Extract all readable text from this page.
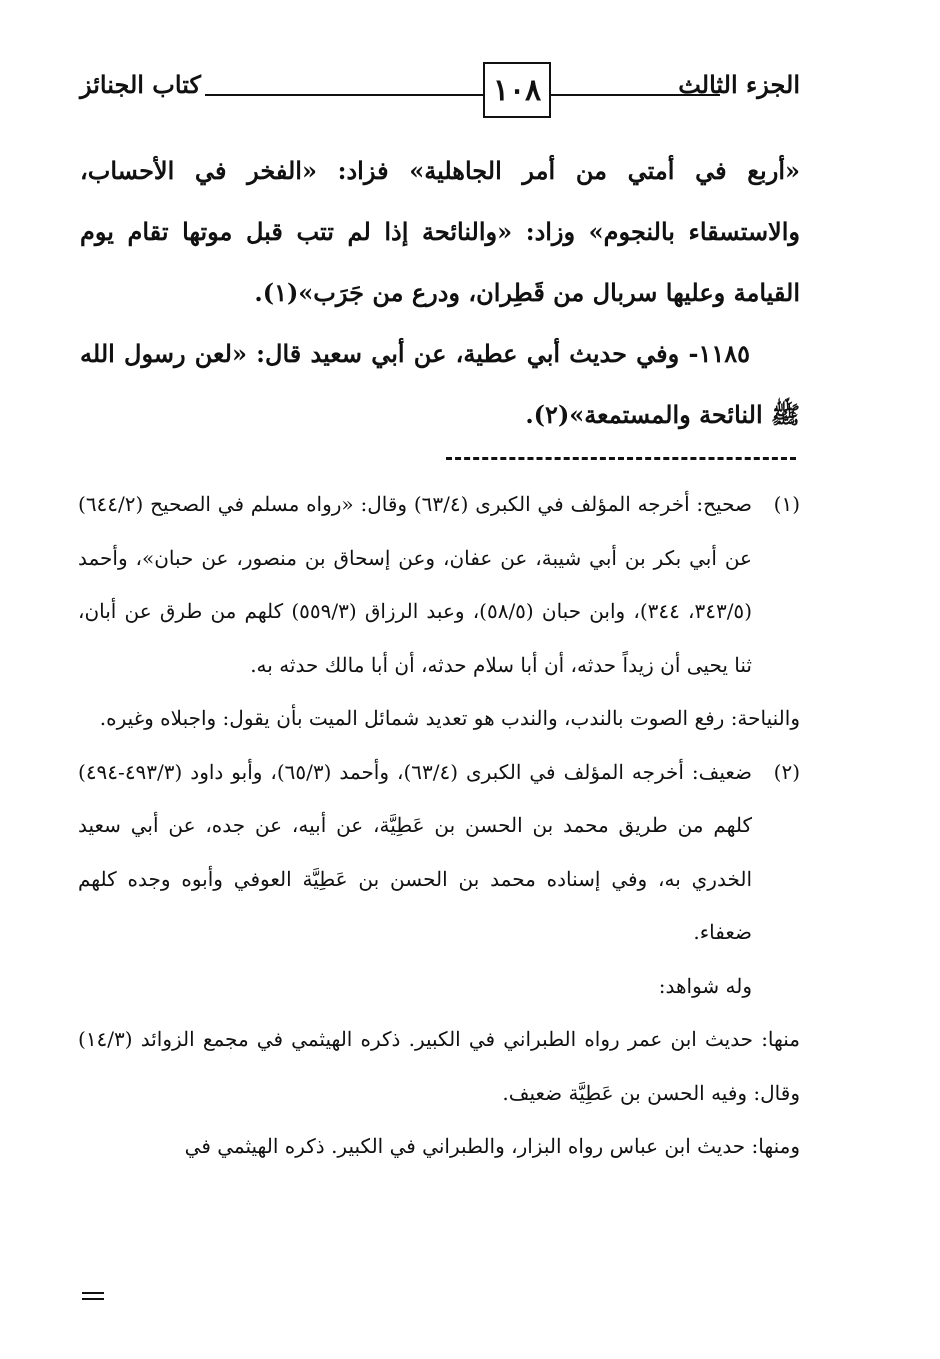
الجزء الثالث
كتاب الجنائز	١٠٨

«أربع في أمتي من أمر الجاهلية» فزاد: «الفخر في الأحساب، والاستسقاء بالنجوم» وزاد: «والنائحة إذا لم تتب قبل موتها تقام يوم القيامة وعليها سربال من قَطِران، ودرع من جَرَب»(١).

١١٨٥- وفي حديث أبي عطية، عن أبي سعيد قال: «لعن رسول الله ﷺ النائحة والمستمعة»(٢).

(١)صحيح: أخرجه المؤلف في الكبرى (٦٣/٤) وقال: «رواه مسلم في الصحيح (٦٤٤/٢) عن أبي بكر بن أبي شيبة، عن عفان، وعن إسحاق بن منصور، عن حبان»، وأحمد (٣٤٣/٥، ٣٤٤)، وابن حبان (٥٨/٥)، وعبد الرزاق (٥٥٩/٣) كلهم من طرق عن أبان، ثنا يحيى أن زيداً حدثه، أن أبا سلام حدثه، أن أبا مالك حدثه به.

والنياحة: رفع الصوت بالندب، والندب هو تعديد شمائل الميت بأن يقول: واجبلاه وغيره.

(٢)ضعيف: أخرجه المؤلف في الكبرى (٦٣/٤)، وأحمد (٦٥/٣)، وأبو داود (٤٩٣/٣-٤٩٤) كلهم من طريق محمد بن الحسن بن عَطِيَّة، عن أبيه، عن جده، عن أبي سعيد الخدري به، وفي إسناده محمد بن الحسن بن عَطِيَّة العوفي وأبوه وجده كلهم ضعفاء.

وله شواهد:

منها: حديث ابن عمر رواه الطبراني في الكبير. ذكره الهيثمي في مجمع الزوائد (١٤/٣) وقال: وفيه الحسن بن عَطِيَّة ضعيف.

ومنها: حديث ابن عباس رواه البزار، والطبراني في الكبير. ذكره الهيثمي في
